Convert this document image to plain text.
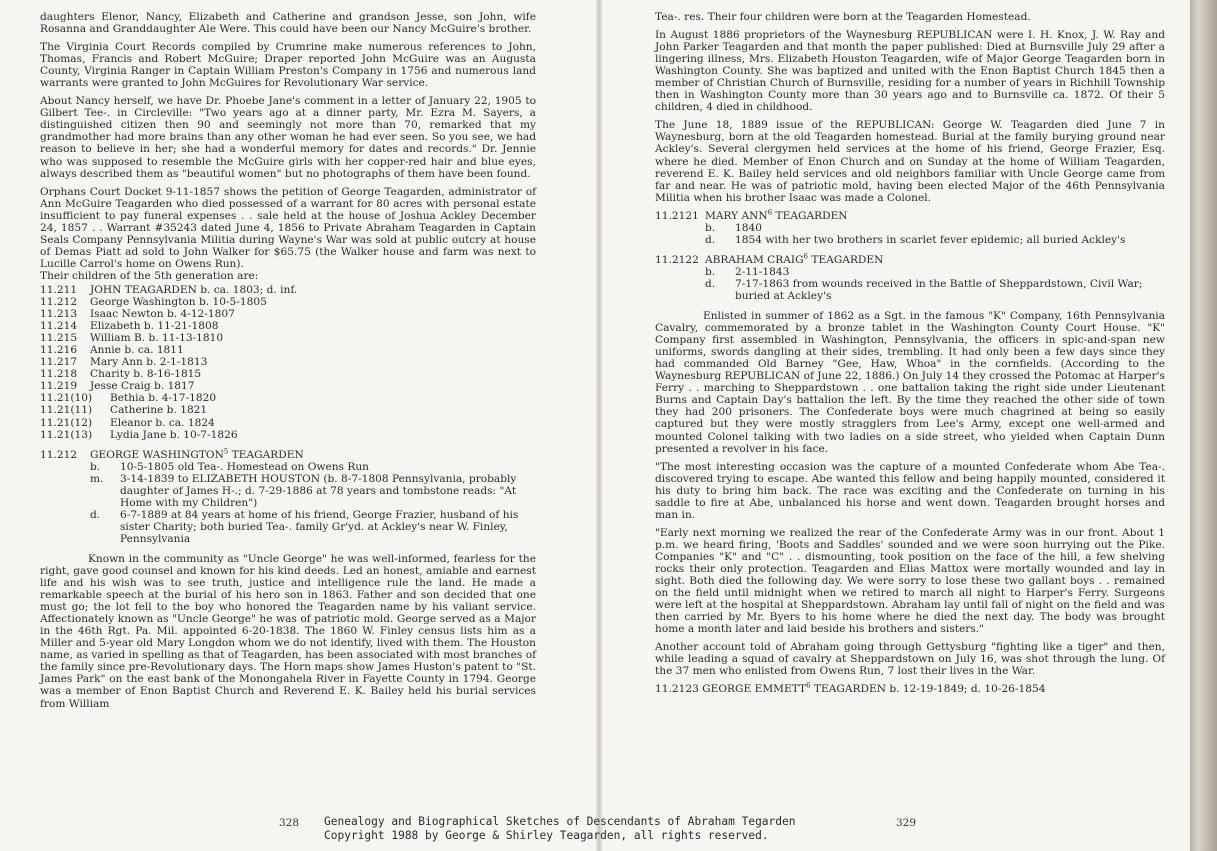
daughters Elenor, Nancy, Elizabeth and Catherine and grandson Jesse, son John, wife Rosanna and Granddaughter Ale Were. This could have been our Nancy McGuire's brother.

The Virginia Court Records compiled by Crumrine make numerous references to John, Thomas, Francis and Robert McGuire; Draper reported John McGuire was an Augusta County, Virginia Ranger in Captain William Preston's Company in 1756 and numerous land warrants were granted to John McGuires for Revolutionary War service.

About Nancy herself, we have Dr. Phoebe Jane's comment in a letter of January 22, 1905 to Gilbert Tee-. in Circleville: "Two years ago at a dinner party, Mr. Ezra M. Sayers, a distinguished citizen then 90 and seemingly not more than 70, remarked that my grandmother had more brains than any other woman he had ever seen. So you see, we had reason to believe in her; she had a wonderful memory for dates and records." Dr. Jennie who was supposed to resemble the McGuire girls with her copper-red hair and blue eyes, always described them as "beautiful women" but no photographs of them have been found.

Orphans Court Docket 9-11-1857 shows the petition of George Teagarden, administrator of Ann McGuire Teagarden who died possessed of a warrant for 80 acres with personal estate insufficient to pay funeral expenses . . sale held at the house of Joshua Ackley December 24, 1857 . . Warrant #35243 dated June 4, 1856 to Private Abraham Teagarden in Captain Seals Company Pennsylvania Militia during Wayne's War was sold at public outcry at house of Demas Piatt ad sold to John Walker for $65.75 (the Walker house and farm was next to Lucille Carrol's home on Owens Run).

Their children of the 5th generation are:

11.211	JOHN TEAGARDEN b. ca. 1803; d. inf.
11.212	George Washington b. 10-5-1805
11.213	Isaac Newton b. 4-12-1807
11.214	Elizabeth b. 11-21-1808
11.215	William B. b. 11-13-1810
11.216	Annie b. ca. 1811
11.217	Mary Ann b. 2-1-1813
11.218	Charity b. 8-16-1815
11.219	Jesse Craig b. 1817
11.21(10)	Bethia b. 4-17-1820
11.21(11)	Catherine b. 1821
11.21(12)	Eleanor b. ca. 1824
11.21(13)	Lydia Jane b. 10-7-1826
11.212	GEORGE WASHINGTON$^5$ TEAGARDEN
b.	10-5-1805 old Tea-. Homestead on Owens Run
m.	3-14-1839 to ELIZABETH HOUSTON (b. 8-7-1808 Pennsylvania, probably daughter of James H-.; d. 7-29-1886 at 78 years and tombstone reads: "At Home with my Children")
d.	6-7-1889 at 84 years at home of his friend, George Frazier, husband of his sister Charity; both buried Tea-. family Gr'yd. at Ackley's near W. Finley, Pennsylvania

Known in the community as "Uncle George" he was well-informed, fearless for the right, gave good counsel and known for his kind deeds. Led an honest, amiable and earnest life and his wish was to see truth, justice and intelligence rule the land. He made a remarkable speech at the burial of his hero son in 1863. Father and son decided that one must go; the lot fell to the boy who honored the Teagarden name by his valiant service. Affectionately known as "Uncle George" he was of patriotic mold. George served as a Major in the 46th Rgt. Pa. Mil. appointed 6-20-1838. The 1860 W. Finley census lists him as a Miller and 5-year old Mary Longdon whom we do not identify, lived with them. The Houston name, as varied in spelling as that of Teagarden, has been associated with most branches of the family since pre-Revolutionary days. The Horn maps show James Huston's patent to "St. James Park" on the east bank of the Monongahela River in Fayette County in 1794. George was a member of Enon Baptist Church and Reverend E. K. Bailey held his burial services from William

Tea-. res. Their four children were born at the Teagarden Homestead.

In August 1886 proprietors of the Waynesburg REPUBLICAN were I. H. Knox, J. W. Ray and John Parker Teagarden and that month the paper published: Died at Burnsville July 29 after a lingering illness, Mrs. Elizabeth Houston Teagarden, wife of Major George Teagarden born in Washington County. She was baptized and united with the Enon Baptist Church 1845 then a member of Christian Church of Burnsville, residing for a number of years in Richhill Township then in Washington County more than 30 years ago and to Burnsville ca. 1872. Of their 5 children, 4 died in childhood.

The June 18, 1889 issue of the REPUBLICAN: George W. Teagarden died June 7 in Waynesburg, born at the old Teagarden homestead. Burial at the family burying ground near Ackley's. Several clergymen held services at the home of his friend, George Frazier, Esq. where he died. Member of Enon Church and on Sunday at the home of William Teagarden, reverend E. K. Bailey held services and old neighbors familiar with Uncle George came from far and near. He was of patriotic mold, having been elected Major of the 46th Pennsylvania Militia when his brother Isaac was made a Colonel.

11.2121 MARY ANN$^6$ TEAGARDEN
b.	1840
d.	1854 with her two brothers in scarlet fever epidemic; all buried Ackley's
11.2122 ABRAHAM CRAIG$^6$ TEAGARDEN
b.	2-11-1843
d.	7-17-1863 from wounds received in the Battle of Sheppardstown, Civil War; buried at Ackley's

Enlisted in summer of 1862 as a Sgt. in the famous "K" Company, 16th Pennsylvania Cavalry, commemorated by a bronze tablet in the Washington County Court House. "K" Company first assembled in Washington, Pennsylvania, the officers in spic-and-span new uniforms, swords dangling at their sides, trembling. It had only been a few days since they had commanded Old Barney "Gee, Haw, Whoa" in the cornfields. (According to the Waynesburg REPUBLICAN of June 22, 1886.) On July 14 they crossed the Potomac at Harper's Ferry . . marching to Sheppardstown . . one battalion taking the right side under Lieutenant Burns and Captain Day's battalion the left. By the time they reached the other side of town they had 200 prisoners. The Confederate boys were much chagrined at being so easily captured but they were mostly stragglers from Lee's Army, except one well-armed and mounted Colonel talking with two ladies on a side street, who yielded when Captain Dunn presented a revolver in his face.

"The most interesting occasion was the capture of a mounted Confederate whom Abe Tea-. discovered trying to escape. Abe wanted this fellow and being happily mounted, considered it his duty to bring him back. The race was exciting and the Confederate on turning in his saddle to fire at Abe, unbalanced his horse and went down. Teagarden brought horses and man in.

"Early next morning we realized the rear of the Confederate Army was in our front. About 1 p.m. we heard firing, 'Boots and Saddles' sounded and we were soon hurrying out the Pike. Companies "K" and "C" . . dismounting, took position on the face of the hill, a few shelving rocks their only protection. Teagarden and Elias Mattox were mortally wounded and lay in sight. Both died the following day. We were sorry to lose these two gallant boys . . remained on the field until midnight when we retired to march all night to Harper's Ferry. Surgeons were left at the hospital at Sheppardstown. Abraham lay until fall of night on the field and was then carried by Mr. Byers to his home where he died the next day. The body was brought home a month later and laid beside his brothers and sisters."

Another account told of Abraham going through Gettysburg "fighting like a tiger" and then, while leading a squad of cavalry at Sheppardstown on July 16, was shot through the lung. Of the 37 men who enlisted from Owens Run, 7 lost their lives in the War.

11.2123 GEORGE EMMETT$^6$ TEAGARDEN b. 12-19-1849; d. 10-26-1854

328	329
Genealogy and Biographical Sketches of Descendants of Abraham Tegarden
Copyright 1988 by George & Shirley Teagarden, all rights reserved.
